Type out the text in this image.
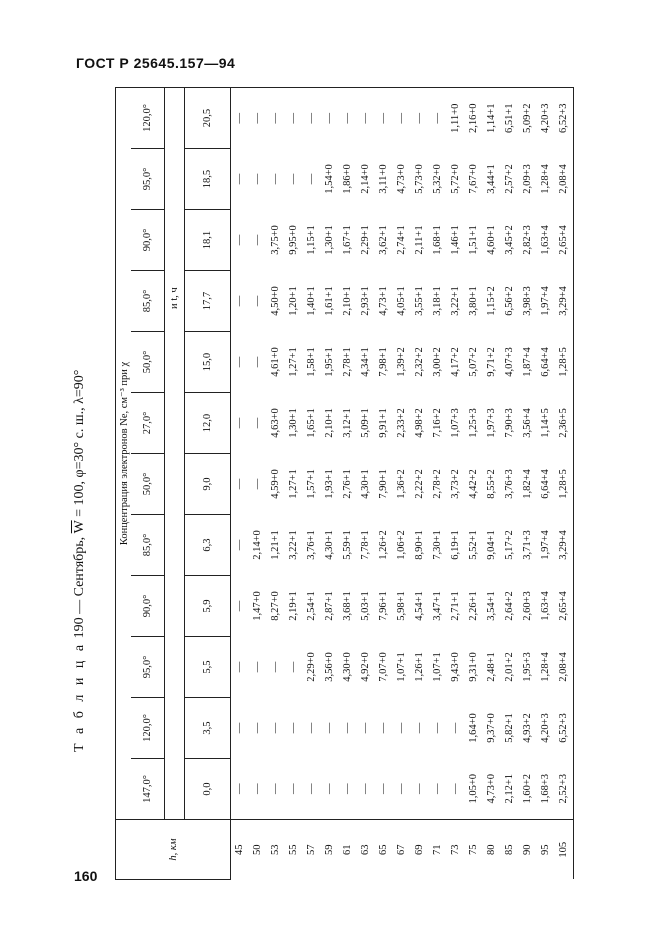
ГОСТ Р 25645.157—94
Т а б л и ц а 190 — Сентябрь, $\overline{W} = 100$, φ=30° с. ш., λ=90°
h, км	Концентрация электронов Ne, см⁻³ при χ											
	147,0°	120,0°	95,0°	90,0°	85,0°	50,0°	27,0°	50,0°	85,0°	90,0°	95,0°	120,0°
	и t, ч											
	0,0	3,5	5,5	5,9	6,3	9,0	12,0	15,0	17,7	18,1	18,5	20,5
45	—	—	—	—	—	—	—	—	—	—	—	—
50	—	—	—	1,47+0	2,14+0	—	—	—	—	—	—	—
53	—	—	—	8,27+0	1,21+1	4,59+0	4,63+0	4,61+0	4,50+0	3,75+0	—	—
55	—	—	—	2,19+1	3,22+1	1,27+1	1,30+1	1,27+1	1,20+1	9,95+0	—	—
57	—	—	2,29+0	2,54+1	3,76+1	1,57+1	1,65+1	1,58+1	1,40+1	1,15+1	—	—
59	—	—	3,56+0	2,87+1	4,30+1	1,93+1	2,10+1	1,95+1	1,61+1	1,30+1	1,54+0	—
61	—	—	4,30+0	3,68+1	5,59+1	2,76+1	3,12+1	2,78+1	2,10+1	1,67+1	1,86+0	—
63	—	—	4,92+0	5,03+1	7,78+1	4,30+1	5,09+1	4,34+1	2,93+1	2,29+1	2,14+0	—
65	—	—	7,07+0	7,96+1	1,26+2	7,90+1	9,91+1	7,98+1	4,73+1	3,62+1	3,11+0	—
67	—	—	1,07+1	5,98+1	1,06+2	1,36+2	2,33+2	1,39+2	4,05+1	2,74+1	4,73+0	—
69	—	—	1,26+1	4,54+1	8,90+1	2,22+2	4,98+2	2,32+2	3,55+1	2,11+1	5,73+0	—
71	—	—	1,07+1	3,47+1	7,30+1	2,78+2	7,16+2	3,00+2	3,18+1	1,68+1	5,32+0	—
73	—	—	9,43+0	2,71+1	6,19+1	3,73+2	1,07+3	4,17+2	3,22+1	1,46+1	5,72+0	1,11+0
75	1,05+0	1,64+0	9,31+0	2,26+1	5,52+1	4,42+2	1,25+3	5,07+2	3,80+1	1,51+1	7,67+0	2,16+0
80	4,73+0	9,37+0	2,48+1	3,54+1	9,04+1	8,55+2	1,97+3	9,71+2	1,15+2	4,60+1	3,44+1	1,14+1
85	2,12+1	5,82+1	2,01+2	2,64+2	5,17+2	3,76+3	7,90+3	4,07+3	6,56+2	3,45+2	2,57+2	6,51+1
90	1,60+2	4,93+2	1,95+3	2,60+3	3,71+3	1,82+4	3,56+4	1,87+4	3,98+3	2,82+3	2,09+3	5,09+2
95	1,68+3	4,20+3	1,28+4	1,63+4	1,97+4	6,64+4	1,14+5	6,64+4	1,97+4	1,63+4	1,28+4	4,20+3
105	2,52+3	6,52+3	2,08+4	2,65+4	3,29+4	1,28+5	2,36+5	1,28+5	3,29+4	2,65+4	2,08+4	6,52+3
160
